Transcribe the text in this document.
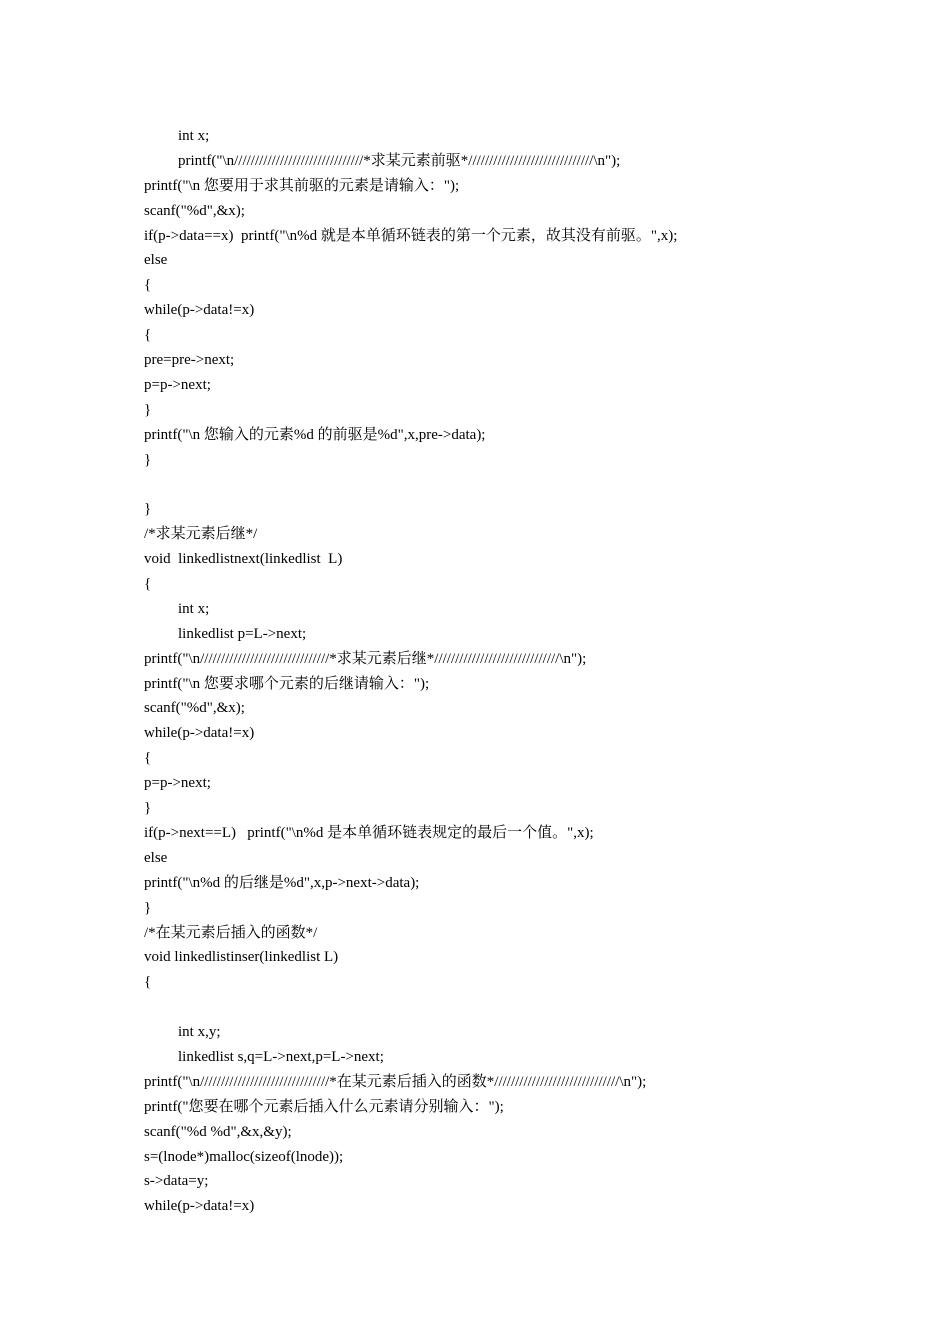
int x;
printf("\n///////////////////////////////*求某元素前驱*//////////////////////////////\n");
printf("\n 您要用于求其前驱的元素是请输入：");
scanf("%d",&x);
if(p->data==x)  printf("\n%d 就是本单循环链表的第一个元素，故其没有前驱。",x);
else
{
while(p->data!=x)
{
pre=pre->next;
p=p->next;
}
printf("\n 您输入的元素%d 的前驱是%d",x,pre->data);
}
}
/*求某元素后继*/
void  linkedlistnext(linkedlist  L)
{
int x;
linkedlist p=L->next;
printf("\n///////////////////////////////*求某元素后继*//////////////////////////////\n");
printf("\n 您要求哪个元素的后继请输入：");
scanf("%d",&x);
while(p->data!=x)
{
p=p->next;
}
if(p->next==L)   printf("\n%d 是本单循环链表规定的最后一个值。",x);
else
printf("\n%d 的后继是%d",x,p->next->data);
}
/*在某元素后插入的函数*/
void linkedlistinser(linkedlist L)
{
int x,y;
linkedlist s,q=L->next,p=L->next;
printf("\n///////////////////////////////*在某元素后插入的函数*//////////////////////////////\n");
printf("您要在哪个元素后插入什么元素请分别输入：");
scanf("%d %d",&x,&y);
s=(lnode*)malloc(sizeof(lnode));
s->data=y;
while(p->data!=x)
